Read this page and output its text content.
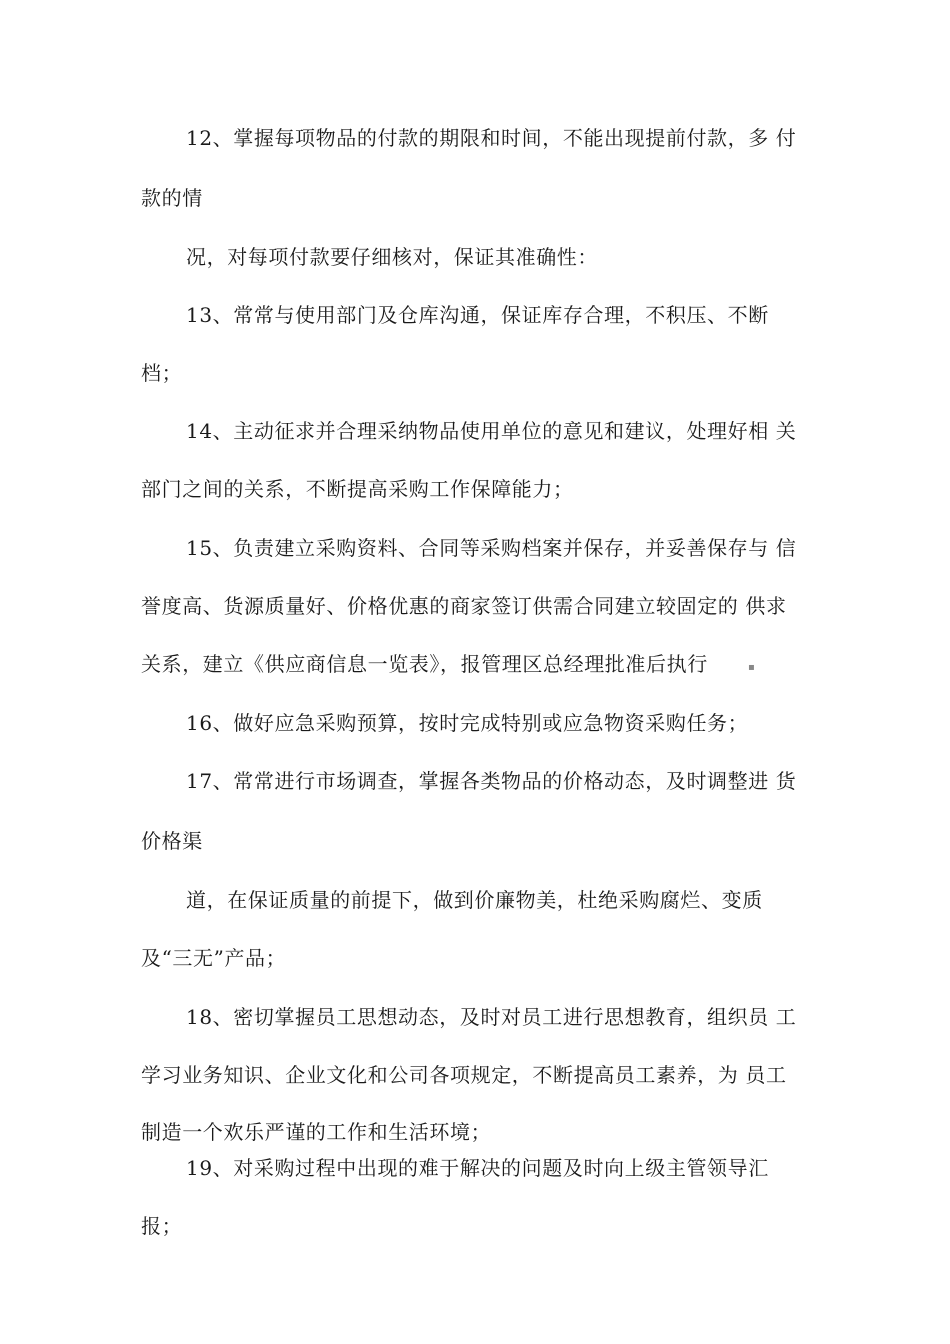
12、掌握每项物品的付款的期限和时间，不能出现提前付款，多 付
款的情
况，对每项付款要仔细核对，保证其准确性：
13、常常与使用部门及仓库沟通，保证库存合理，不积压、不断
档；
14、主动征求并合理采纳物品使用单位的意见和建议，处理好相 关
部门之间的关系，不断提高采购工作保障能力；
15、负责建立采购资料、合同等采购档案并保存，并妥善保存与 信
誉度高、货源质量好、价格优惠的商家签订供需合同建立较固定的 供求
关系，建立《供应商信息一览表》，报管理区总经理批准后执行	▪
16、做好应急采购预算，按时完成特别或应急物资采购任务；
17、常常进行市场调查，掌握各类物品的价格动态，及时调整进 货
价格渠
道，在保证质量的前提下，做到价廉物美，杜绝采购腐烂、变质
及“三无”产品；
18、密切掌握员工思想动态，及时对员工进行思想教育，组织员 工
学习业务知识、企业文化和公司各项规定，不断提高员工素养，为 员工
制造一个欢乐严谨的工作和生活环境；
19、对采购过程中出现的难于解决的问题及时向上级主管领导汇
报；
